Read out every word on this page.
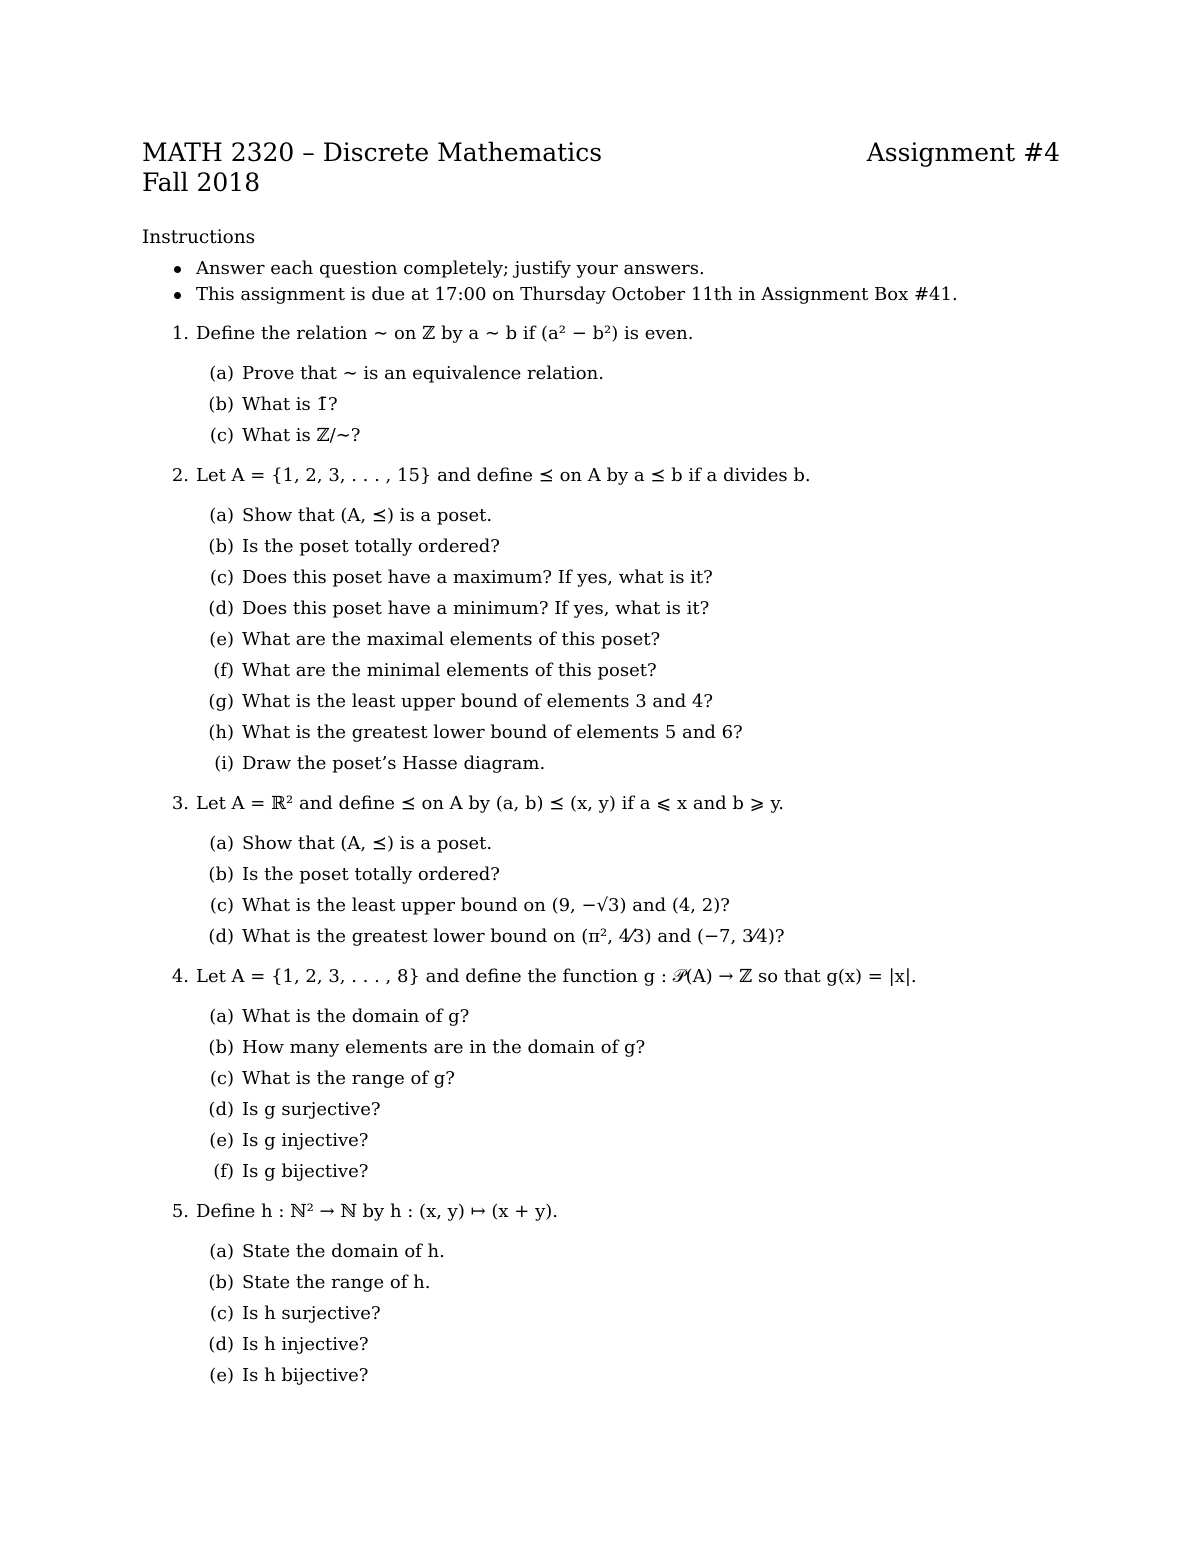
MATH 2320 – Discrete Mathematics	Assignment #4
Fall 2018
Instructions
Answer each question completely; justify your answers.
This assignment is due at 17:00 on Thursday October 11th in Assignment Box #41.
1. Define the relation ∼ on ℤ by a ∼ b if (a² − b²) is even.
(a) Prove that ∼ is an equivalence relation.
(b) What is 1̄?
(c) What is ℤ/∼?
2. Let A = {1, 2, 3, . . . , 15} and define ⪯ on A by a ⪯ b if a divides b.
(a) Show that (A, ⪯) is a poset.
(b) Is the poset totally ordered?
(c) Does this poset have a maximum? If yes, what is it?
(d) Does this poset have a minimum? If yes, what is it?
(e) What are the maximal elements of this poset?
(f) What are the minimal elements of this poset?
(g) What is the least upper bound of elements 3 and 4?
(h) What is the greatest lower bound of elements 5 and 6?
(i) Draw the poset’s Hasse diagram.
3. Let A = ℝ² and define ⪯ on A by (a, b) ⪯ (x, y) if a ⩽ x and b ⩾ y.
(a) Show that (A, ⪯) is a poset.
(b) Is the poset totally ordered?
(c) What is the least upper bound on (9, −√3) and (4, 2)?
(d) What is the greatest lower bound on (π², 4⁄3) and (−7, 3⁄4)?
4. Let A = {1, 2, 3, . . . , 8} and define the function g : 𝒫(A) → ℤ so that g(x) = |x|.
(a) What is the domain of g?
(b) How many elements are in the domain of g?
(c) What is the range of g?
(d) Is g surjective?
(e) Is g injective?
(f) Is g bijective?
5. Define h : ℕ² → ℕ by h : (x, y) ↦ (x + y).
(a) State the domain of h.
(b) State the range of h.
(c) Is h surjective?
(d) Is h injective?
(e) Is h bijective?
